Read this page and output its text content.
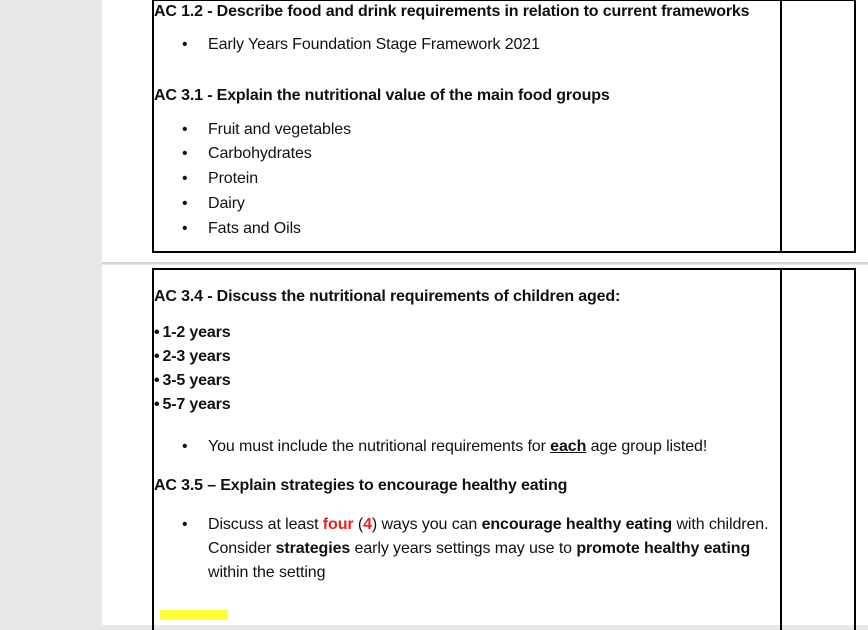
AC 1.2 - Describe food and drink requirements in relation to current frameworks

• Early Years Foundation Stage Framework 2021

AC 3.1 - Explain the nutritional value of the main food groups

• Fruit and vegetables
• Carbohydrates
• Protein
• Dairy
• Fats and Oils

AC 3.4 - Discuss the nutritional requirements of children aged:

• 1-2 years
• 2-3 years
• 3-5 years
• 5-7 years
• You must include the nutritional requirements for each age group listed!

AC 3.5 – Explain strategies to encourage healthy eating

• Discuss at least four (4) ways you can encourage healthy eating with children. Consider strategies early years settings may use to promote healthy eating within the setting
